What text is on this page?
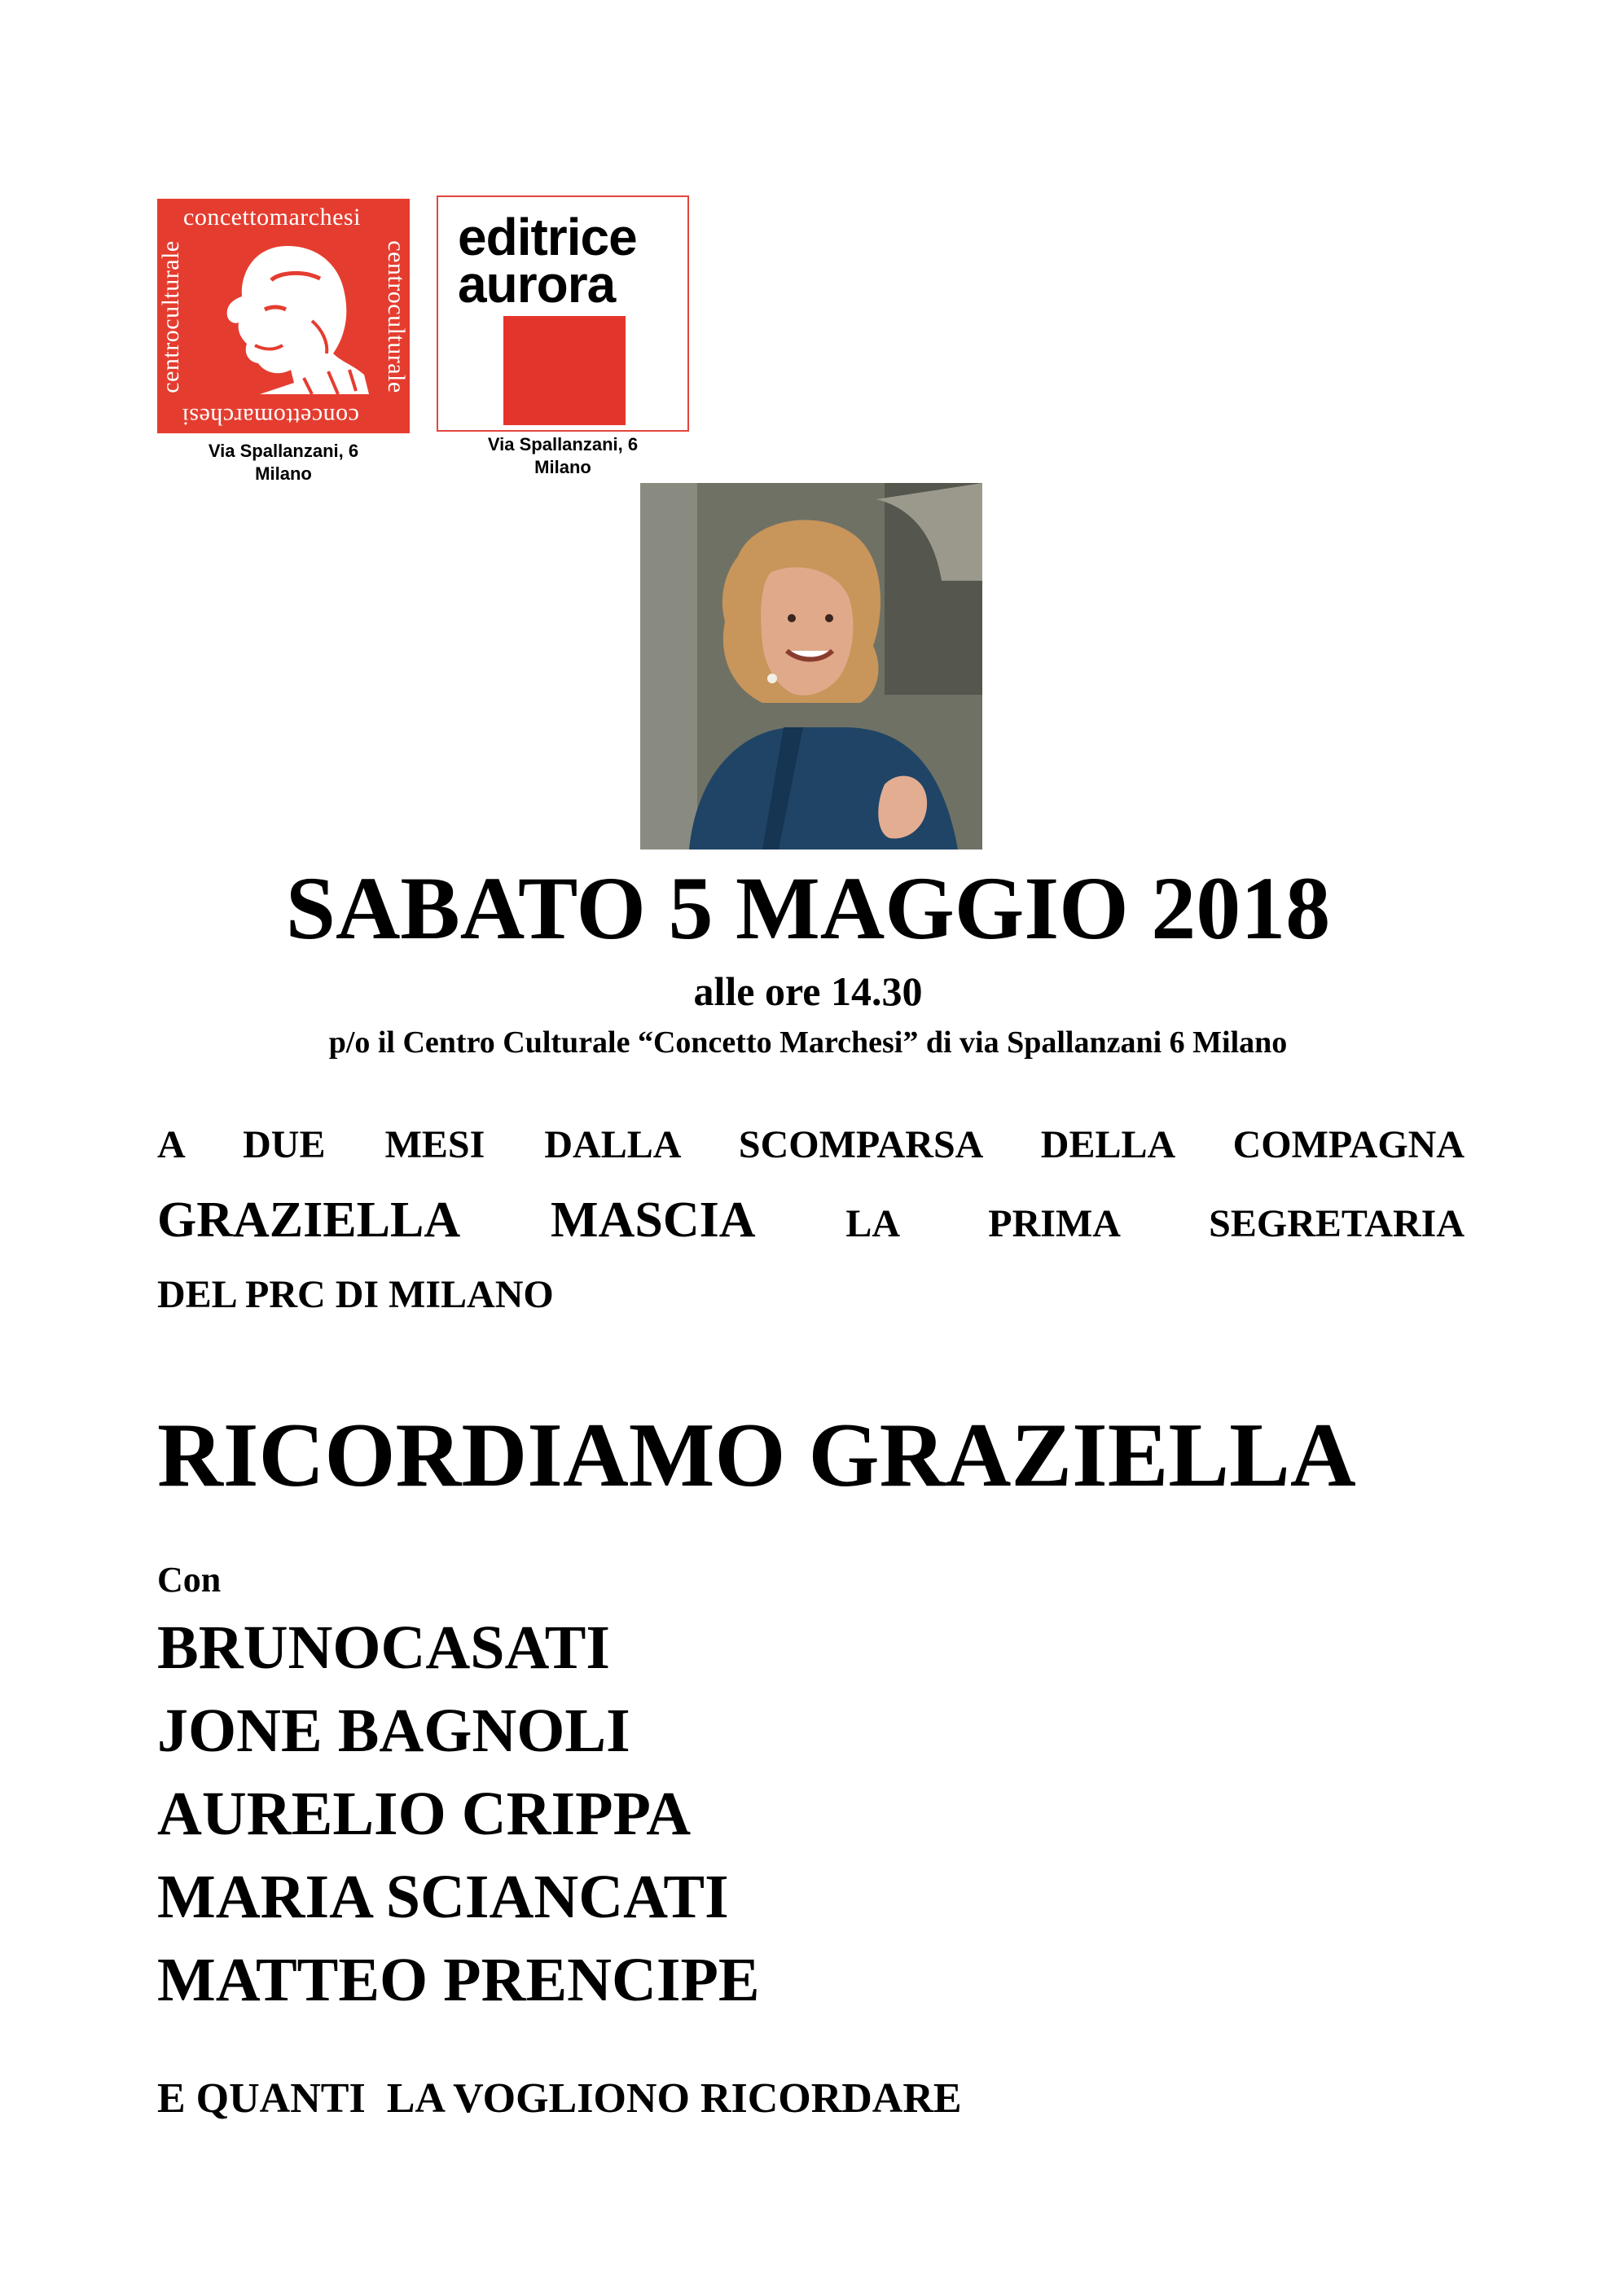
concettomarchesi
centroculturale
concettomarchesi
centroculturale
Via Spallanzani, 6
Milano
editrice
aurora
Via Spallanzani, 6
Milano
SABATO 5 MAGGIO 2018
alle ore 14.30
p/o il Centro Culturale “Concetto Marchesi” di via Spallanzani 6 Milano
A DUE MESI DALLA SCOMPARSA DELLA COMPAGNA
GRAZIELLA MASCIA LA PRIMA SEGRETARIA
DEL PRC DI MILANO
RICORDIAMO GRAZIELLA
Con
BRUNOCASATI
JONE BAGNOLI
AURELIO CRIPPA
MARIA SCIANCATI
MATTEO PRENCIPE
E QUANTI  LA VOGLIONO RICORDARE
